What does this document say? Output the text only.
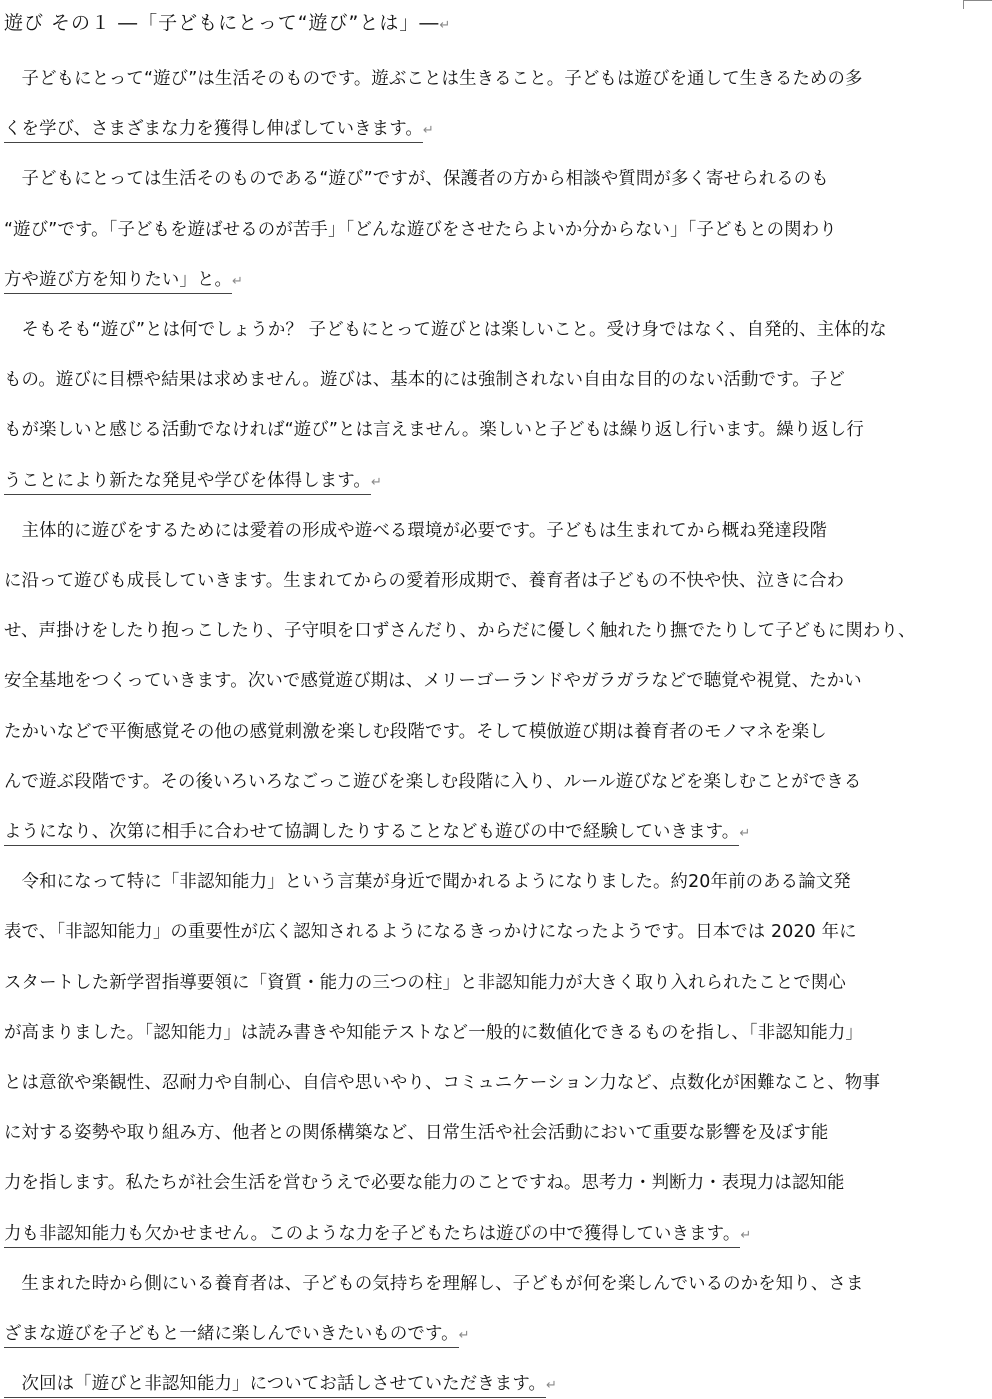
遊び その１ ―「子どもにとって“遊び”とは」―↵
　子どもにとって“遊び”は生活そのものです。遊ぶことは生きること。子どもは遊びを通して生きるための多
くを学び、さまざまな力を獲得し伸ばしていきます。↵
　子どもにとっては生活そのものである“遊び”ですが、保護者の方から相談や質問が多く寄せられるのも
“遊び”です。「子どもを遊ばせるのが苦手」「どんな遊びをさせたらよいか分からない」「子どもとの関わり
方や遊び方を知りたい」と。↵
　そもそも“遊び”とは何でしょうか？ 子どもにとって遊びとは楽しいこと。受け身ではなく、自発的、主体的な
もの。遊びに目標や結果は求めません。遊びは、基本的には強制されない自由な目的のない活動です。子ど
もが楽しいと感じる活動でなければ“遊び”とは言えません。楽しいと子どもは繰り返し行います。繰り返し行
うことにより新たな発見や学びを体得します。↵
　主体的に遊びをするためには愛着の形成や遊べる環境が必要です。子どもは生まれてから概ね発達段階
に沿って遊びも成長していきます。生まれてからの愛着形成期で、養育者は子どもの不快や快、泣きに合わ
せ、声掛けをしたり抱っこしたり、子守唄を口ずさんだり、からだに優しく触れたり撫でたりして子どもに関わり、
安全基地をつくっていきます。次いで感覚遊び期は、メリーゴーランドやガラガラなどで聴覚や視覚、たかい
たかいなどで平衡感覚その他の感覚刺激を楽しむ段階です。そして模倣遊び期は養育者のモノマネを楽し
んで遊ぶ段階です。その後いろいろなごっこ遊びを楽しむ段階に入り、ルール遊びなどを楽しむことができる
ようになり、次第に相手に合わせて協調したりすることなども遊びの中で経験していきます。↵
　令和になって特に「非認知能力」という言葉が身近で聞かれるようになりました。約20年前のある論文発
表で、「非認知能力」の重要性が広く認知されるようになるきっかけになったようです。日本では 2020 年に
スタートした新学習指導要領に「資質・能力の三つの柱」と非認知能力が大きく取り入れられたことで関心
が高まりました。「認知能力」は読み書きや知能テストなど一般的に数値化できるものを指し、「非認知能力」
とは意欲や楽観性、忍耐力や自制心、自信や思いやり、コミュニケーション力など、点数化が困難なこと、物事
に対する姿勢や取り組み方、他者との関係構築など、日常生活や社会活動において重要な影響を及ぼす能
力を指します。私たちが社会生活を営むうえで必要な能力のことですね。思考力・判断力・表現力は認知能
力も非認知能力も欠かせません。このような力を子どもたちは遊びの中で獲得していきます。↵
　生まれた時から側にいる養育者は、子どもの気持ちを理解し、子どもが何を楽しんでいるのかを知り、さま
ざまな遊びを子どもと一緒に楽しんでいきたいものです。↵
　次回は「遊びと非認知能力」についてお話しさせていただきます。↵
